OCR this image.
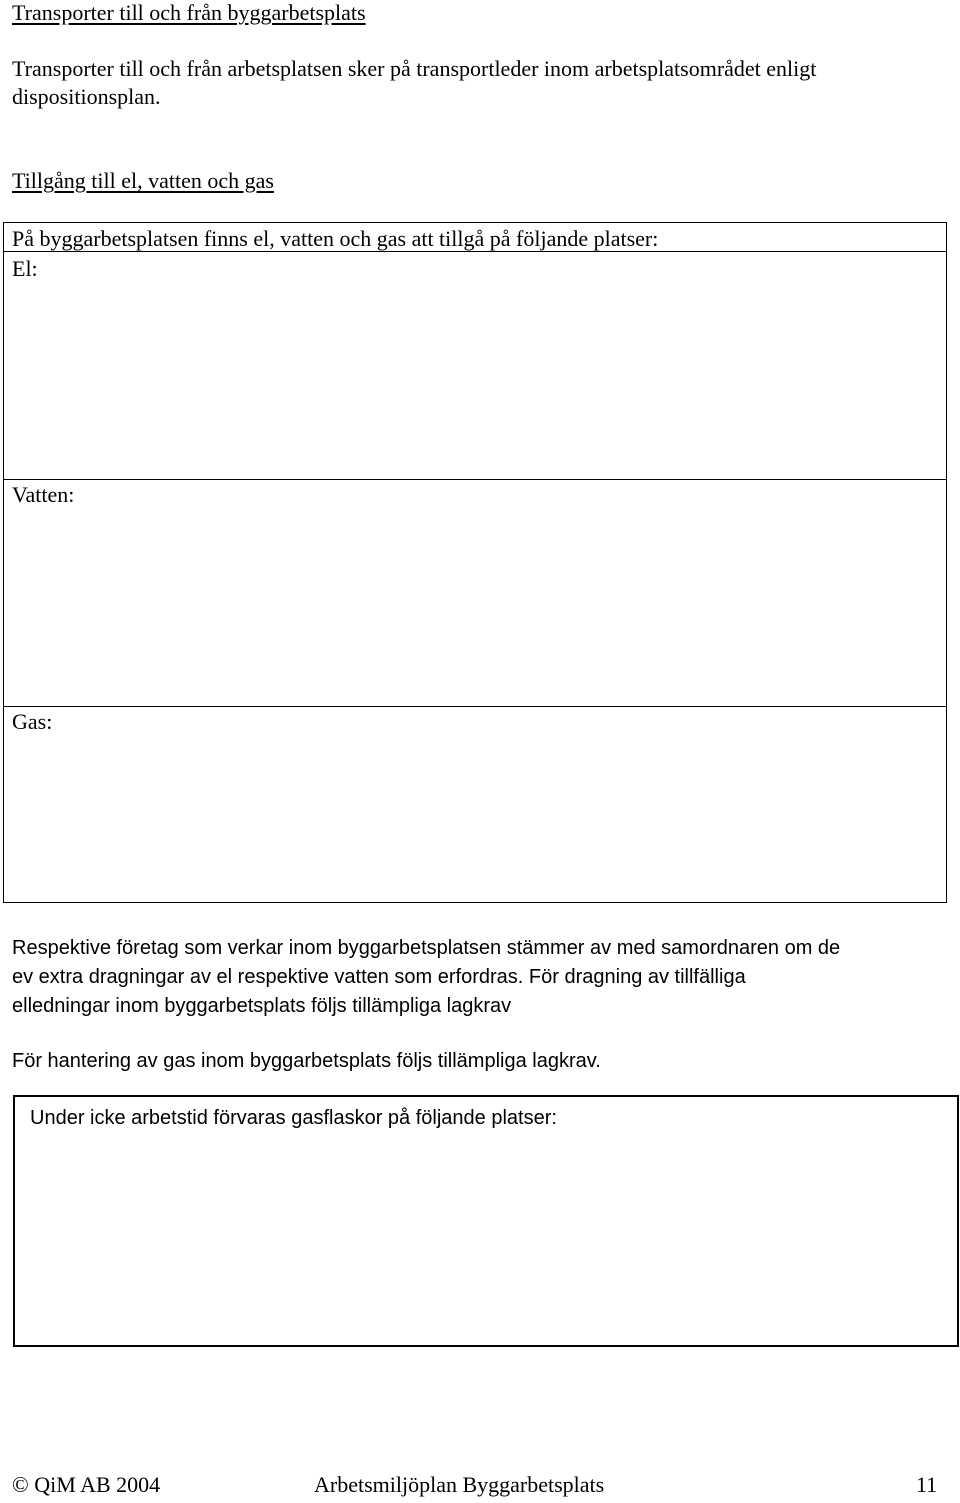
Transporter till och från byggarbetsplats
Transporter till och från arbetsplatsen sker på transportleder inom arbetsplatsområdet enligt
dispositionsplan.
Tillgång till el, vatten och gas
På byggarbetsplatsen finns el, vatten och gas att tillgå på följande platser:
El:
Vatten:
Gas:
Respektive företag som verkar inom byggarbetsplatsen stämmer av med samordnaren om de
ev extra dragningar av el respektive vatten som erfordras. För dragning av tillfälliga
elledningar inom byggarbetsplats följs tillämpliga lagkrav
För hantering av gas inom byggarbetsplats följs tillämpliga lagkrav.
Under icke arbetstid förvaras gasflaskor på följande platser:
© QiM AB 2004	Arbetsmiljöplan Byggarbetsplats	11
